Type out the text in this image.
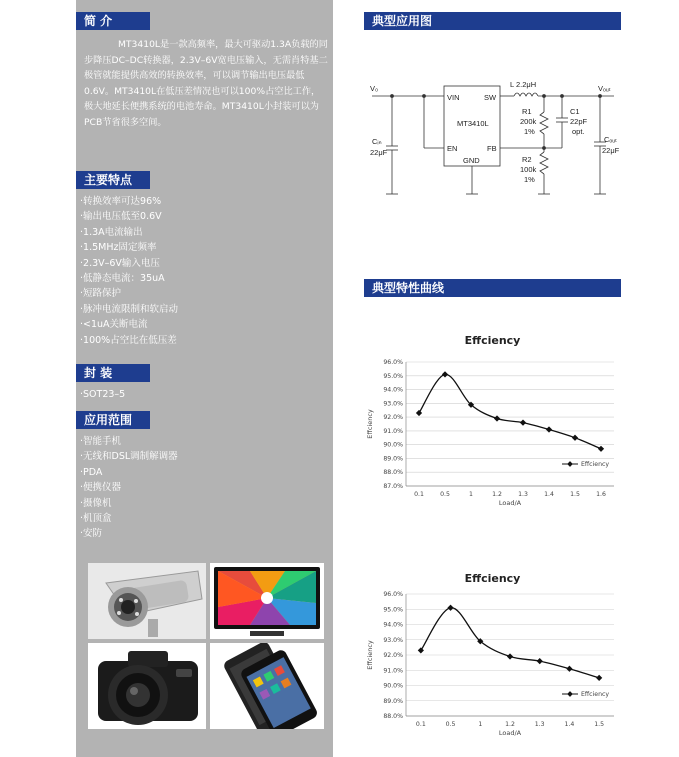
简 介

MT3410L是一款高频率，最大可驱动1.3A负载的同步降压DC–DC转换器，2.3V–6V宽电压输入，无需肖特基二极管就能提供高效的转换效率，可以调节输出电压最低0.6V。MT3410L在低压差情况也可以100%占空比工作，极大地延长便携系统的电池寿命。MT3410L小封装可以为PCB节省很多空间。

主要特点
· 转换效率可达96%
· 输出电压低至0.6V
· 1.3A电流输出
· 1.5MHz固定频率
· 2.3V–6V输入电压
· 低静态电流：35uA
· 短路保护
· 脉冲电流限制和软启动
· <1uA关断电流
· 100%占空比在低压差
封 装
· SOT23–5
应用范围
· 智能手机
· 无线和DSL调制解调器
· PDA
· 便携仪器
· 摄像机
· 机顶盒
· 安防
典型应用图
V₀	Vₒᵤₜ
MT3410L
VIN	SW
EN	FB
GND
L 2.2μH
R1
200k
1%
R2
100k
1%
C1
22pF
opt.
Cᵢₙ
22μF
Cₒᵤₜ
22μF
典型特性曲线
Effciency
96.0%
95.0%
94.0%
93.0%
92.0%
91.0%
90.0%
89.0%
88.0%
87.0%
0.1	0.5	1	1.2	1.3	1.4	1.5	1.6
Load/A
Effciency
Effciency
Effciency
96.0%
95.0%
94.0%
93.0%
92.0%
91.0%
90.0%
89.0%
88.0%
0.1	0.5	1	1.2	1.3	1.4	1.5
Load/A
Effciency
Effciency
